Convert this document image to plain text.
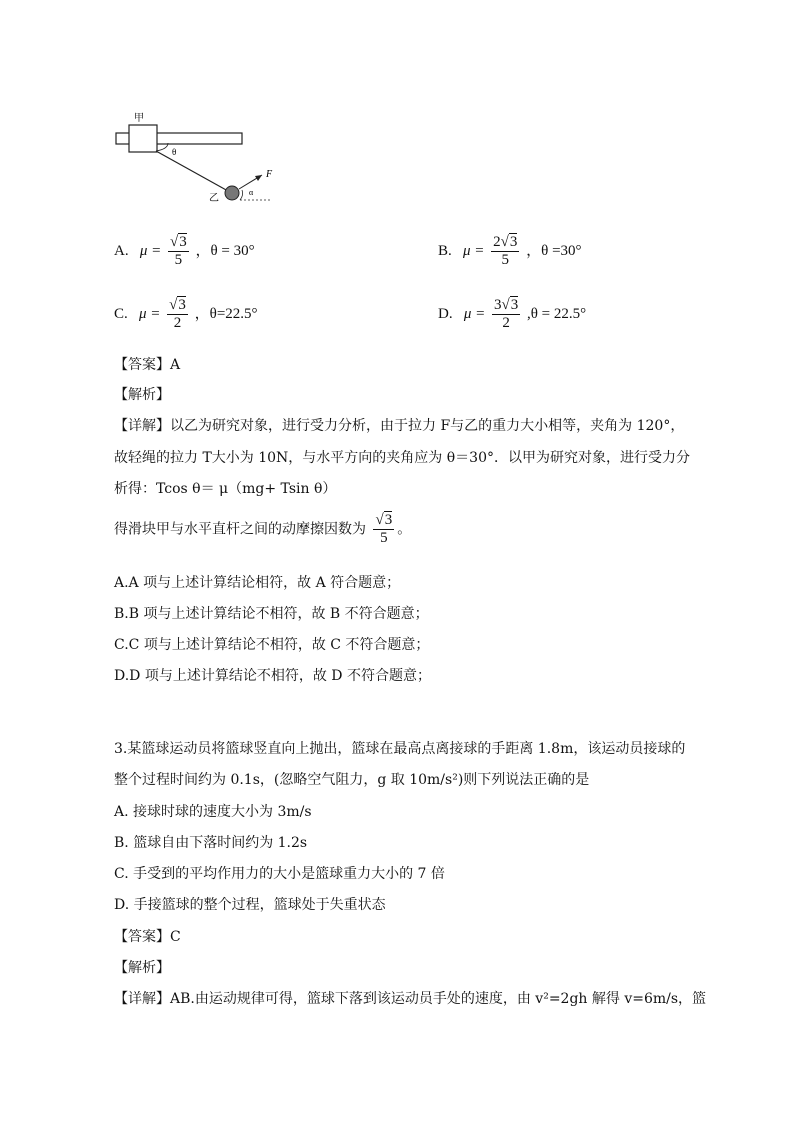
甲
θ
乙
F
α
A. $\mu = \frac{√3}{5}$ ，θ = 30°	B. $\mu = \frac{2√3}{5}$ ，θ =30°
C. $\mu = \frac{√3}{2}$ ，θ=22.5°	D. $\mu = \frac{3√3}{2} ,\theta = 22.5^\circ$
【答案】A
【解析】
【详解】以乙为研究对象，进行受力分析，由于拉力 F与乙的重力大小相等，夹角为 120°，
故轻绳的拉力 T大小为 10N，与水平方向的夹角应为 θ＝30°．以甲为研究对象，进行受力分
析得：Tcos θ＝ μ（mg+ Tsin θ）
得滑块甲与水平直杆之间的动摩擦因数为 $\frac{√3}{5}$ 。
A.A 项与上述计算结论相符，故 A 符合题意；
B.B 项与上述计算结论不相符，故 B 不符合题意；
C.C 项与上述计算结论不相符，故 C 不符合题意；
D.D 项与上述计算结论不相符，故 D 不符合题意；
3.某篮球运动员将篮球竖直向上抛出，篮球在最高点离接球的手距离 1.8m，该运动员接球的
整个过程时间约为 0.1s，(忽略空气阻力，g 取 10m/s²)则下列说法正确的是
A. 接球时球的速度大小为 3m/s
B. 篮球自由下落时间约为 1.2s
C. 手受到的平均作用力的大小是篮球重力大小的 7 倍
D. 手接篮球的整个过程，篮球处于失重状态
【答案】C
【解析】
【详解】AB.由运动规律可得，篮球下落到该运动员手处的速度，由 v²=2gh 解得 v=6m/s，篮
